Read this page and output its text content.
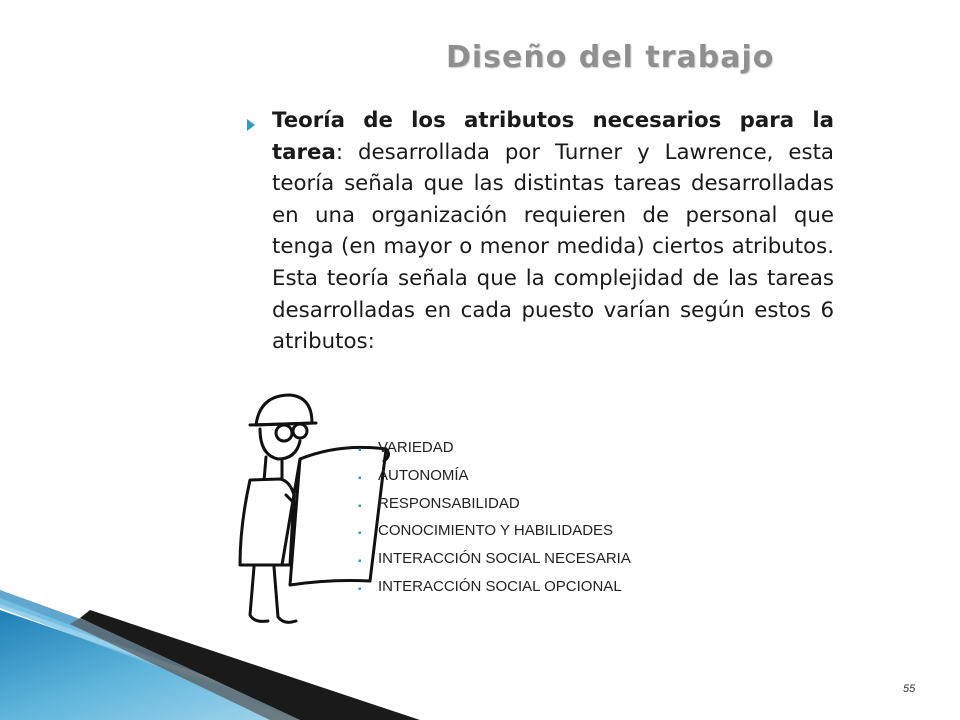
Diseño del trabajo
Teoría de los atributos necesarios para la tarea: desarrollada por Turner y Lawrence, esta teoría señala que las distintas tareas desarrolladas en una organización requieren de personal que tenga (en mayor o menor medida) ciertos atributos. Esta teoría señala que la complejidad de las tareas desarrolladas en cada puesto varían según estos 6 atributos:
▪ VARIEDAD
▪ AUTONOMÍA
▪ RESPONSABILIDAD
▪ CONOCIMIENTO Y HABILIDADES
▪ INTERACCIÓN SOCIAL NECESARIA
▪ INTERACCIÓN SOCIAL OPCIONAL
55
